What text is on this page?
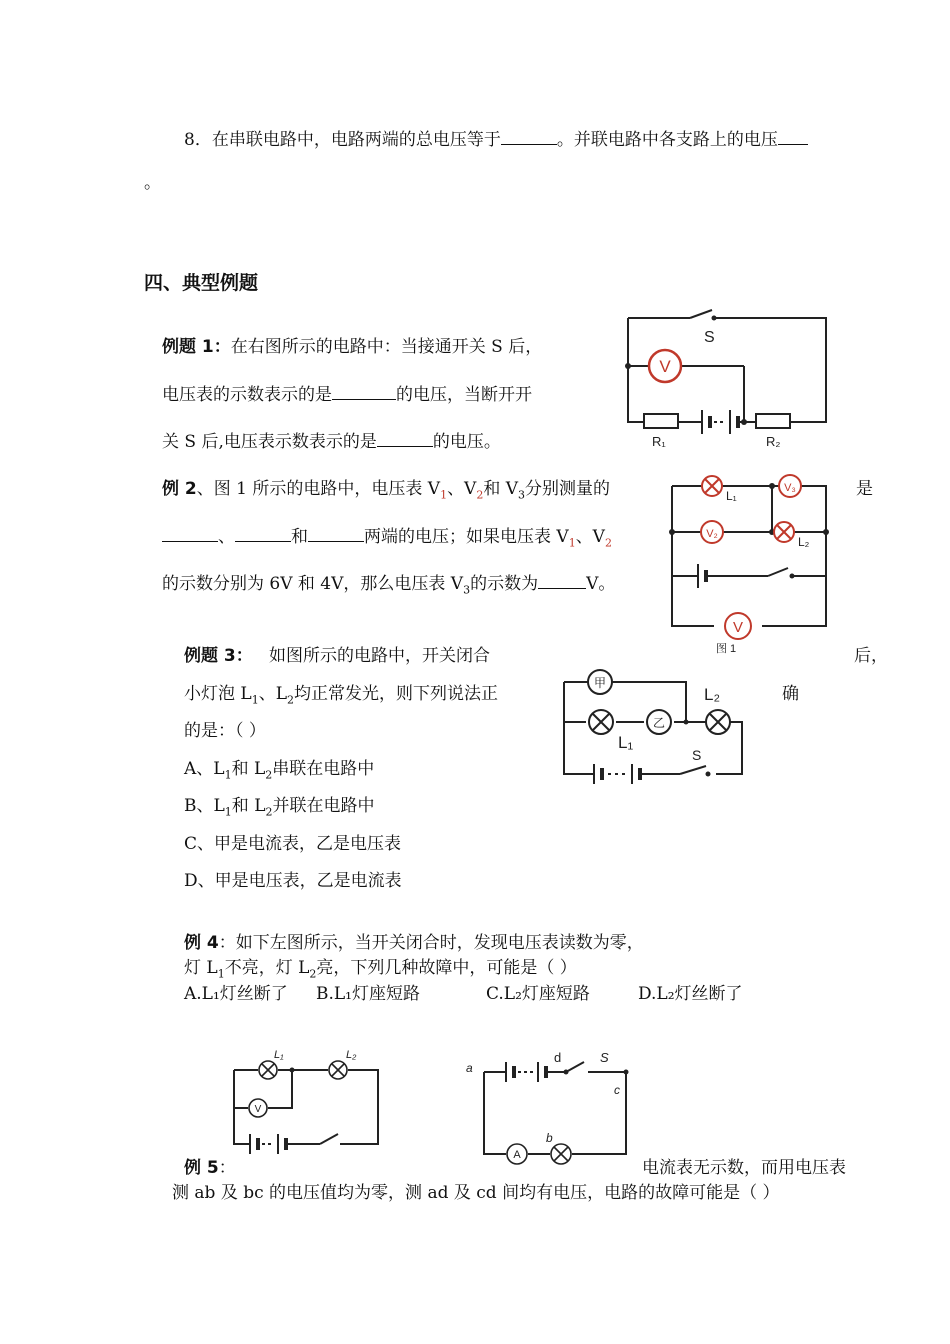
8．在串联电路中，电路两端的总电压等于	。并联电路中各支路上的电压
。
四、典型例题
例题 1：在右图所示的电路中：当接通开关 S 后，
电压表的示数表示的是	的电压，当断开开
关 S 后,电压表示数表示的是	的电压。
V
S
R₁	R₂
例 2、图 1 所示的电路中，电压表 $V_1$、$V_2$和 $V_3$分别测量的	是
、	和	两端的电压；如果电压表 $V_1$、$V_2$
的示数分别为 6V 和 4V，那么电压表 $V_3$的示数为	V。
V₃
V₂
V
L₁
L₂
图 1
例题 3： 如图所示的电路中，开关闭合	后，
小灯泡 $L_1$、$L_2$均正常发光，则下列说法正	确
的是：（ ）
A、$L_1$和 $L_2$串联在电路中
B、$L_1$和 $L_2$并联在电路中
C、甲是电流表，乙是电压表
D、甲是电压表，乙是电流表
甲
乙
L₁
L₂
S
例 4：如下左图所示，当开关闭合时，发现电压表读数为零，
灯 $L_1$不亮，灯 $L_2$亮，下列几种故障中，可能是（ ）
A.L₁灯丝断了 B.L₁灯座短路	C.L₂灯座短路	D.L₂灯丝断了
V
L₁	L₂
A
a
b
c
d	S
例 5：	电流表无示数，而用电压表
测 ab 及 bc 的电压值均为零，测 ad 及 cd 间均有电压，电路的故障可能是（ ）
